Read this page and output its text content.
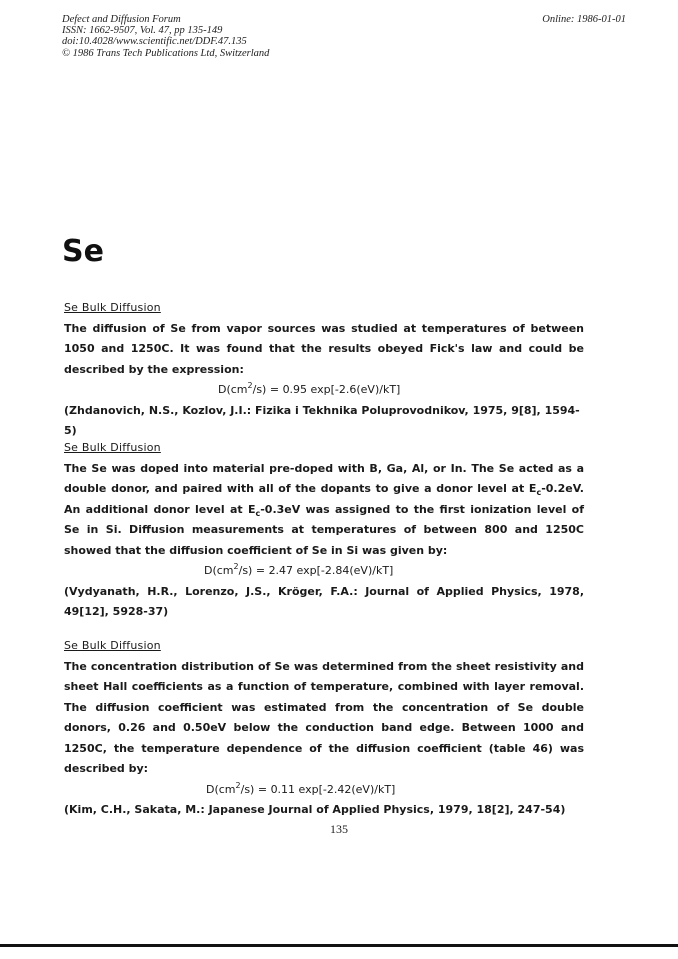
Defect and Diffusion Forum
ISSN: 1662-9507, Vol. 47, pp 135-149
doi:10.4028/www.scientific.net/DDF.47.135
© 1986 Trans Tech Publications Ltd, Switzerland
Online: 1986-01-01
Se
Se Bulk Diffusion
The diffusion of Se from vapor sources was studied at temperatures of between 1050 and 1250C. It was found that the results obeyed Fick's law and could be described by the expression:
$D(cm^2/s) = 0.95$ exp[-2.6(eV)/kT]
(Zhdanovich, N.S., Kozlov, J.I.: Fizika i Tekhnika Poluprovodnikov, 1975, 9[8], 1594-5)
Se Bulk Diffusion
The Se was doped into material pre-doped with B, Ga, Al, or In. The Se acted as a double donor, and paired with all of the dopants to give a donor level at $E_c-0.2eV$. An additional donor level at $E_c-0.3eV$ was assigned to the first ionization level of Se in Si. Diffusion measurements at temperatures of between 800 and 1250C showed that the diffusion coefficient of Se in Si was given by:
$D(cm^2/s) = 2.47$ exp[-2.84(eV)/kT]
(Vydyanath, H.R., Lorenzo, J.S., Kröger, F.A.: Journal of Applied Physics, 1978, 49[12], 5928-37)
Se Bulk Diffusion
The concentration distribution of Se was determined from the sheet resistivity and sheet Hall coefficients as a function of temperature, combined with layer removal. The diffusion coefficient was estimated from the concentration of Se double donors, 0.26 and 0.50eV below the conduction band edge. Between 1000 and 1250C, the temperature dependence of the diffusion coefficient (table 46) was described by:
$D(cm^2/s) = 0.11$ exp[-2.42(eV)/kT]
(Kim, C.H., Sakata, M.: Japanese Journal of Applied Physics, 1979, 18[2], 247-54)
135
